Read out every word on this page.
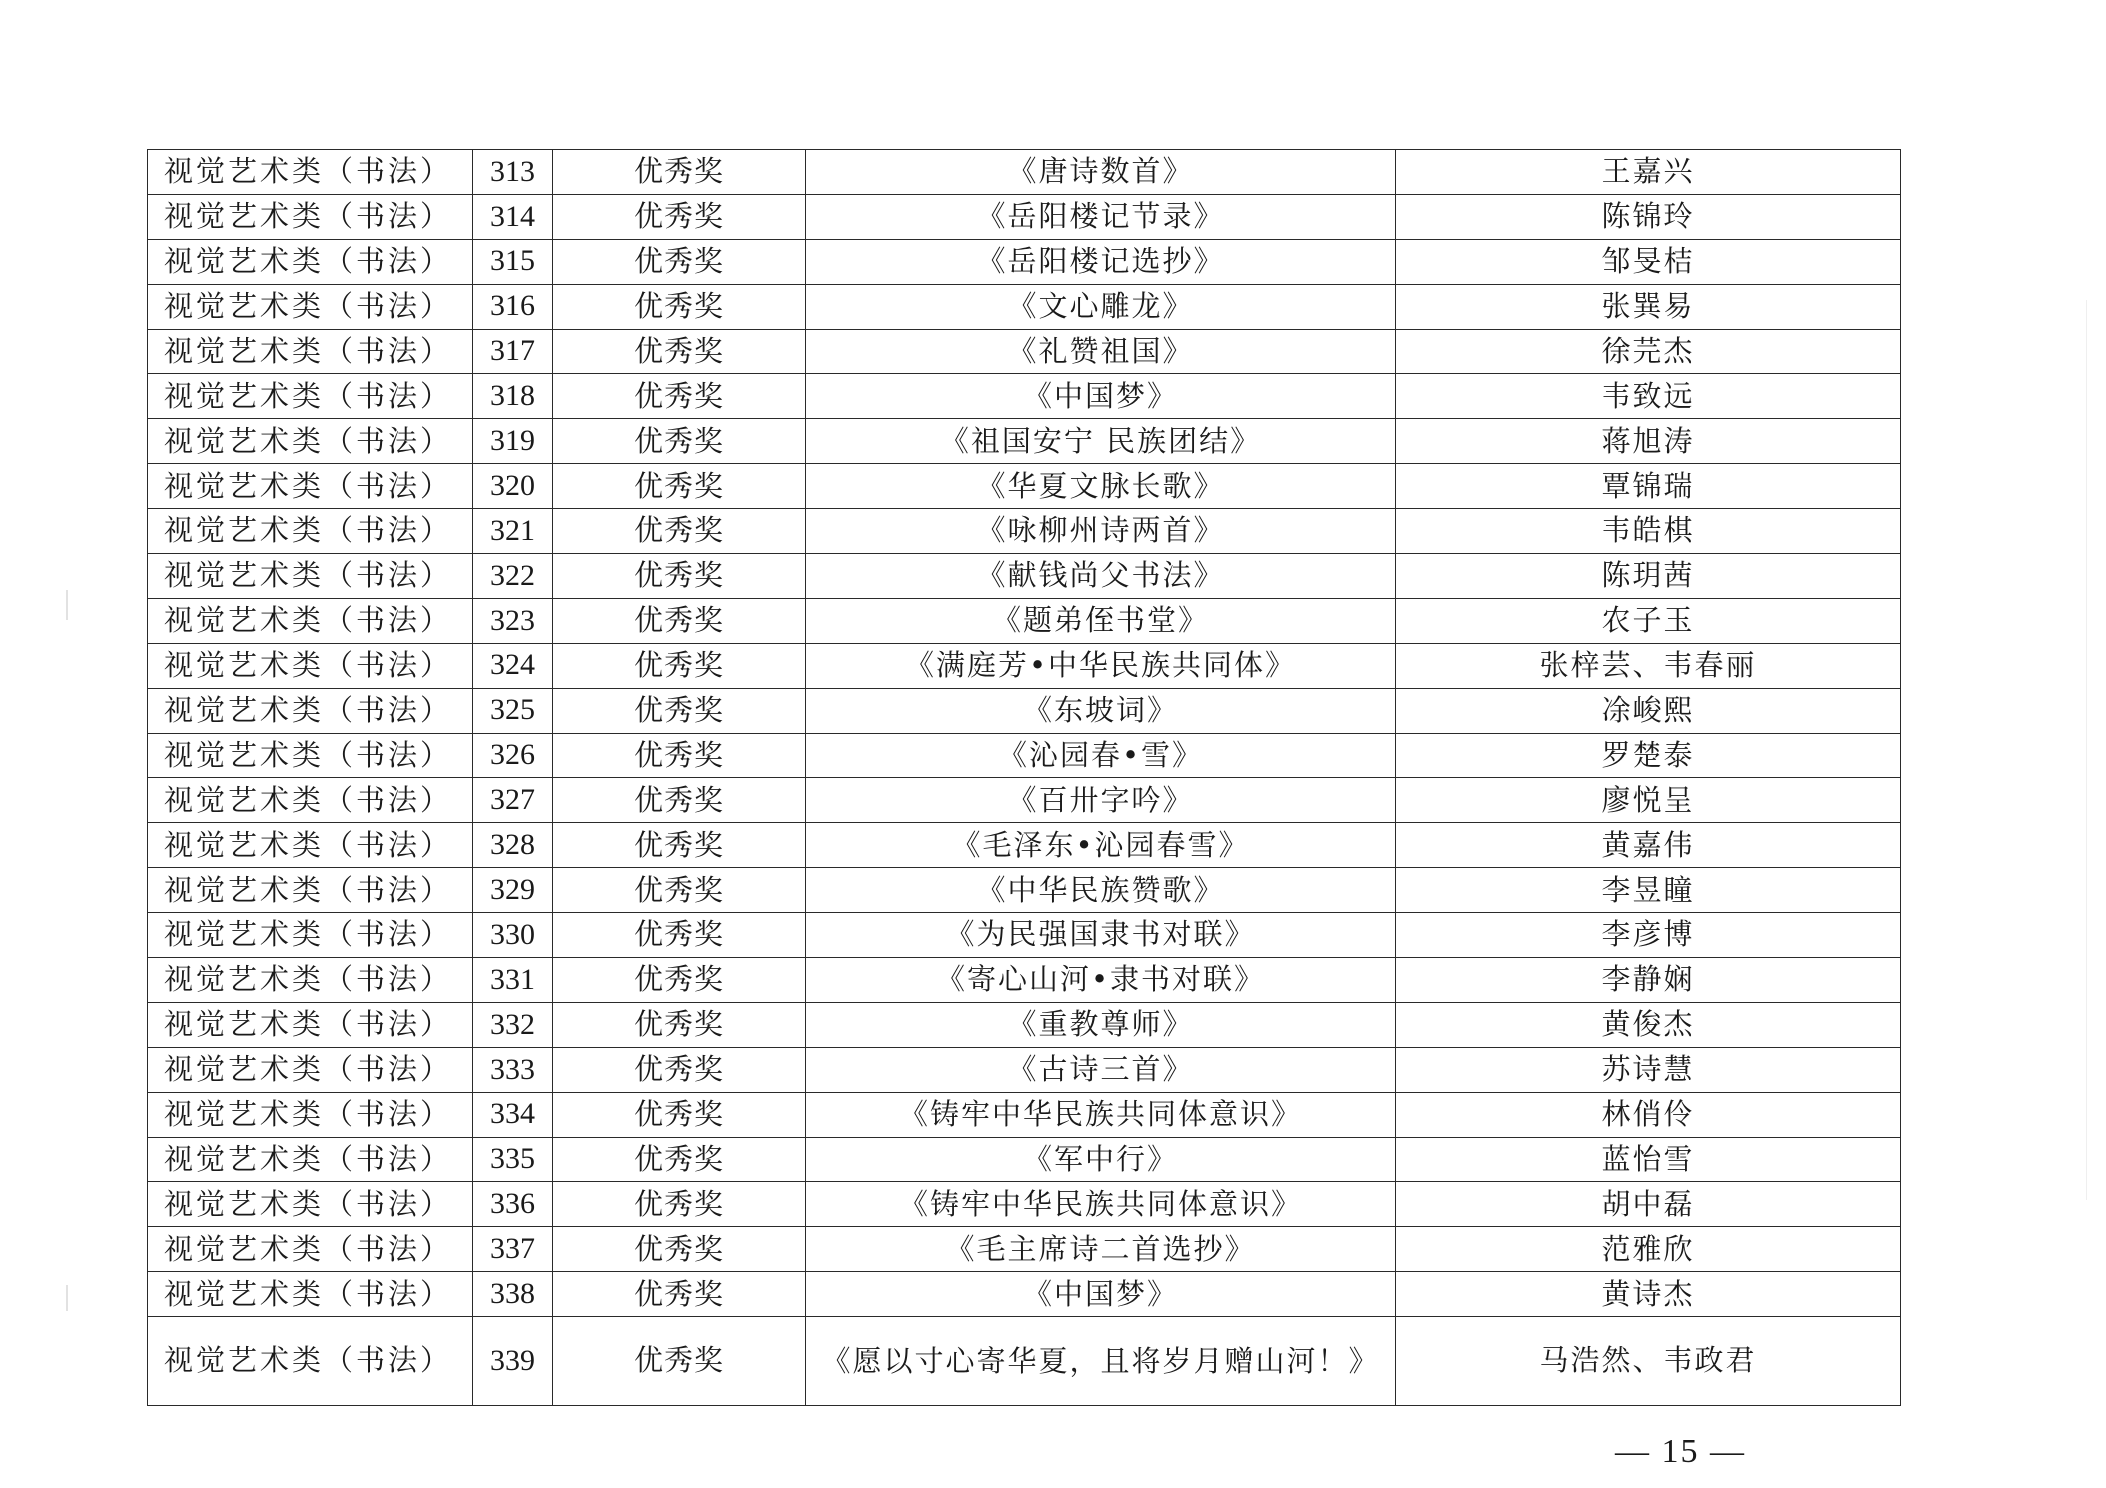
视觉艺术类（书法）	313	优秀奖	《唐诗数首》	王嘉兴
视觉艺术类（书法）	314	优秀奖	《岳阳楼记节录》	陈锦玲
视觉艺术类（书法）	315	优秀奖	《岳阳楼记选抄》	邹旻桔
视觉艺术类（书法）	316	优秀奖	《文心雕龙》	张巽易
视觉艺术类（书法）	317	优秀奖	《礼赞祖国》	徐芫杰
视觉艺术类（书法）	318	优秀奖	《中国梦》	韦致远
视觉艺术类（书法）	319	优秀奖	《祖国安宁 民族团结》	蒋旭涛
视觉艺术类（书法）	320	优秀奖	《华夏文脉长歌》	覃锦瑞
视觉艺术类（书法）	321	优秀奖	《咏柳州诗两首》	韦皓棋
视觉艺术类（书法）	322	优秀奖	《献钱尚父书法》	陈玥茜
视觉艺术类（书法）	323	优秀奖	《题弟侄书堂》	农子玉
视觉艺术类（书法）	324	优秀奖	《满庭芳•中华民族共同体》	张梓芸、韦春丽
视觉艺术类（书法）	325	优秀奖	《东坡词》	凃峻熙
视觉艺术类（书法）	326	优秀奖	《沁园春•雪》	罗楚泰
视觉艺术类（书法）	327	优秀奖	《百卅字吟》	廖悦呈
视觉艺术类（书法）	328	优秀奖	《毛泽东•沁园春雪》	黄嘉伟
视觉艺术类（书法）	329	优秀奖	《中华民族赞歌》	李昱瞳
视觉艺术类（书法）	330	优秀奖	《为民强国隶书对联》	李彦博
视觉艺术类（书法）	331	优秀奖	《寄心山河•隶书对联》	李静娴
视觉艺术类（书法）	332	优秀奖	《重教尊师》	黄俊杰
视觉艺术类（书法）	333	优秀奖	《古诗三首》	苏诗慧
视觉艺术类（书法）	334	优秀奖	《铸牢中华民族共同体意识》	林俏伶
视觉艺术类（书法）	335	优秀奖	《军中行》	蓝怡雪
视觉艺术类（书法）	336	优秀奖	《铸牢中华民族共同体意识》	胡中磊
视觉艺术类（书法）	337	优秀奖	《毛主席诗二首选抄》	范雅欣
视觉艺术类（书法）	338	优秀奖	《中国梦》	黄诗杰
视觉艺术类（书法）	339	优秀奖	《愿以寸心寄华夏，且将岁月赠山河！》	马浩然、韦政君
— 15 —
